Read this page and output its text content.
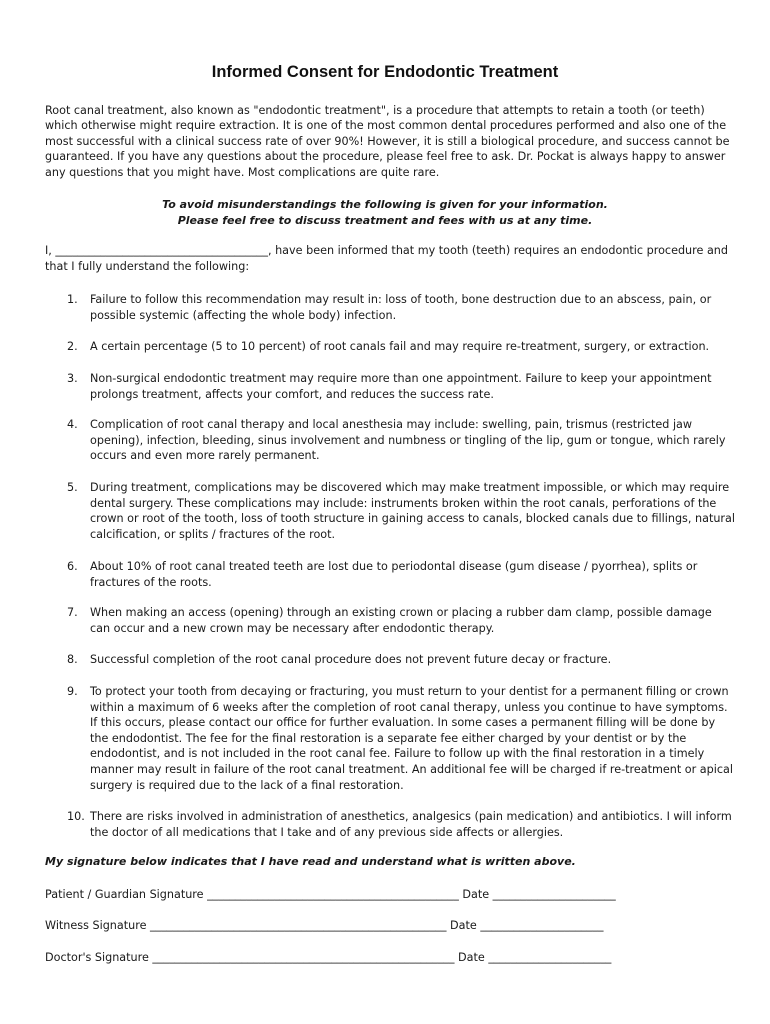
Informed Consent for Endodontic Treatment
Root canal treatment, also known as "endodontic treatment", is a procedure that attempts to retain a tooth (or teeth) which otherwise might require extraction. It is one of the most common dental procedures performed and also one of the most successful with a clinical success rate of over 90%! However, it is still a biological procedure, and success cannot be guaranteed. If you have any questions about the procedure, please feel free to ask. Dr. Pockat is always happy to answer any questions that you might have. Most complications are quite rare.
To avoid misunderstandings the following is given for your information.
Please feel free to discuss treatment and fees with us at any time.
I, ______________________________________, have been informed that my tooth (teeth) requires an endodontic procedure and that I fully understand the following:
1.	Failure to follow this recommendation may result in: loss of tooth, bone destruction due to an abscess, pain, or possible systemic (affecting the whole body) infection.
2.	A certain percentage (5 to 10 percent) of root canals fail and may require re-treatment, surgery, or extraction.
3.	Non-surgical endodontic treatment may require more than one appointment. Failure to keep your appointment prolongs treatment, affects your comfort, and reduces the success rate.
4.	Complication of root canal therapy and local anesthesia may include: swelling, pain, trismus (restricted jaw opening), infection, bleeding, sinus involvement and numbness or tingling of the lip, gum or tongue, which rarely occurs and even more rarely permanent.
5.	During treatment, complications may be discovered which may make treatment impossible, or which may require dental surgery. These complications may include: instruments broken within the root canals, perforations of the crown or root of the tooth, loss of tooth structure in gaining access to canals, blocked canals due to fillings, natural calcification, or splits / fractures of the root.
6.	About 10% of root canal treated teeth are lost due to periodontal disease (gum disease / pyorrhea), splits or fractures of the roots.
7.	When making an access (opening) through an existing crown or placing a rubber dam clamp, possible damage can occur and a new crown may be necessary after endodontic therapy.
8.	Successful completion of the root canal procedure does not prevent future decay or fracture.
9.	To protect your tooth from decaying or fracturing, you must return to your dentist for a permanent filling or crown within a maximum of 6 weeks after the completion of root canal therapy, unless you continue to have symptoms. If this occurs, please contact our office for further evaluation. In some cases a permanent filling will be done by the endodontist. The fee for the final restoration is a separate fee either charged by your dentist or by the endodontist, and is not included in the root canal fee. Failure to follow up with the final restoration in a timely manner may result in failure of the root canal treatment. An additional fee will be charged if re-treatment or apical surgery is required due to the lack of a final restoration.
10. There are risks involved in administration of anesthetics, analgesics (pain medication) and antibiotics. I will inform the doctor of all medications that I take and of any previous side affects or allergies.
My signature below indicates that I have read and understand what is written above.
Patient / Guardian Signature _____________________________________________ Date ______________________
Witness Signature _____________________________________________________ Date ______________________
Doctor's Signature ______________________________________________________ Date ______________________
